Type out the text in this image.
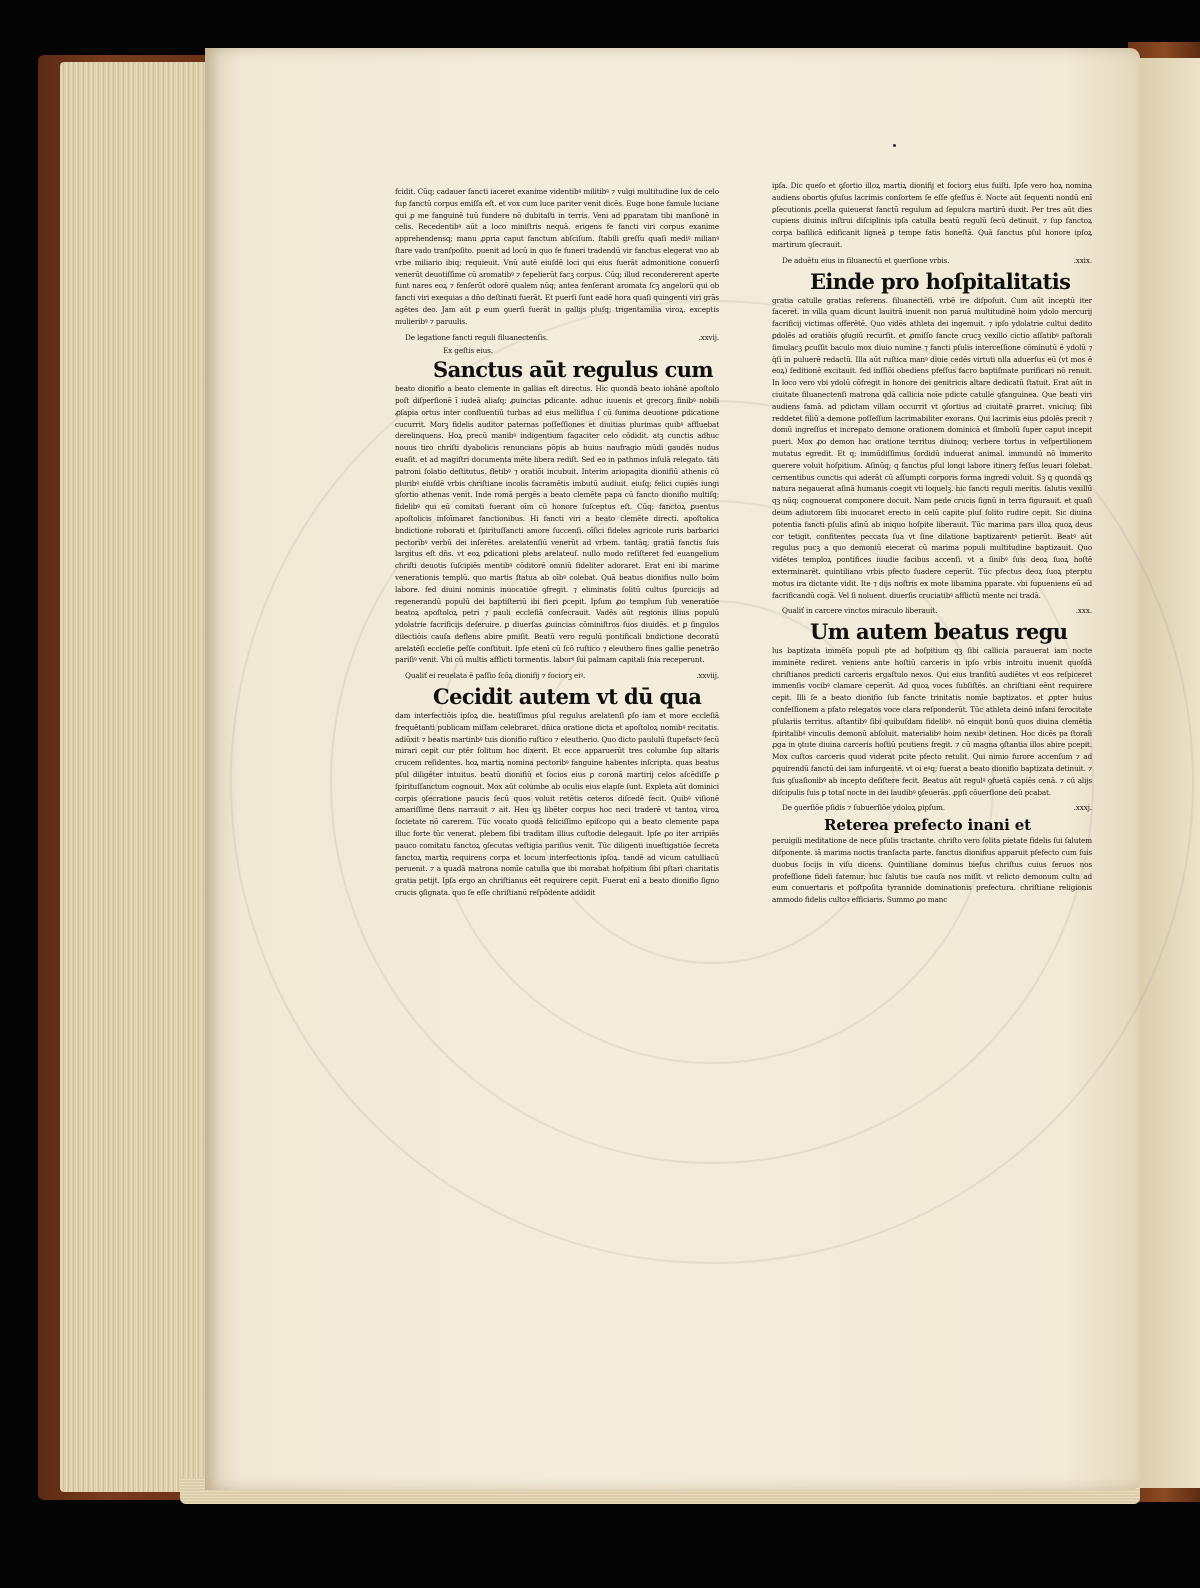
fcidit. Cūq; cadauer fancti iaceret exanime videntibꝰ militibꝰ ⁊ vulgi multitudine lux de celo fup fanctū corpus emiſſa eſt. et vox cum luce pariter venit dicēs. Euge bone famule luciane qui ꝓ me fanguinē tuū fundere nō dubitaſti in terris. Veni ad ꝑparatam tibi manſionē in celis. Recedentibꝰ aūt a loco miniſtris nequā. erigens fe fancti viri corpus exanime apprehendensq; manu ꝓpria caput fanctum abſciſum. ſtabili greſſu quaſi mediꝰ milianꝰ ſtare vado tranſpoſito. puenit ad locū in quo fe funeri tradendū vir fanctus elegerat vno ab vrbe miliario ibiq; requieuit. Vnū autē eiuſdē loci qui eius fuerāt admonitione conuerſi venerūt deuotiſſime cū aromatibꝰ ⁊ fepelierūt facꝫ corpus. Cūq; illud recondererent aperte funt nares eoꝝ ⁊ fenſerūt odorē qualem nūq; antea fenſerant aromata ſcꝫ angelorū qui ob fancti viri exequias a dn̄o deſtinati fuerāt. Et puerſi ſunt eadē hora quaſi quingenti viri grās agētes deo. Jam aūt ꝑ eum ꝯuerſi fuerāt in gallijs pluſq; trigentamilia viroꝝ. exceptis mulieribꝰ ⁊ paruulis.

De legatione fancti reguli filuanectenſis.	.xxvij.
Ex geſtis eius.
Sanctus aūt regulus cum

beato dionifio a beato clemente in gallias eſt directus. Hic quondā beato iohānē apoſtolo poſt diſperſionē ī iudeā aliaſq; ꝓuincias ꝑdicante. adhuc iuuenis et grecorꝫ finibꝰ nobili ꝓſapia ortus inter confluentiū turbas ad eius melliflua ſ cū ſumma deuotione ꝑdicatione cucurrit. Morꝫ fidelis auditor paternas poſſeſſiones et diuitias plurimas quibꝰ affluebat derelinquens. Hoꝝ precū manibꝰ indigentium fagaciter celo cōdidit. atꝫ cunctis adhuc nouus tiro chriſti dyabolicis renuncians pōpis ab huius naufragio mūdi gaudēs nudus euaſit. et ad magiſtri documenta mēte libera rediſt. Sed eo in pathmos inſulā relegato. tāti patroni ſolatio deſtitutus. fletibꝰ ⁊ oratiōi incubuit. Interim ariopagita dionifiū athenis cū pluribꝰ eiuſdē vrbis chriſtiane incolis facramētis imbutū audiuit. eiuſq; felici cupiēs iungi ꝯſortio athenas venit. Inde romā pergēs a beato clemēte papa cū fancto dionifio multiſq; fidelibꝰ qui eū comitati fuerant oīm cū honore ſuſceptus eſt. Cūq; fanctoꝝ ꝑuentus apoſtolicis infoīmaret fanctionibus. Hi fancti viri a beato clemēte directi. apoſtolica bndictione roborati et ſpirituſſancti amore ſuccenſi. oīſici fideles agricole ruris barbarici pectoribꝰ verbū dei inſerētes. arelatenſiū venerūt ad vrbem. tantāq; gratiā fanctis ſuis largitus eſt dn̄s. vt eoꝝ ꝑdicationi plebs arelateuſ. nullo modo reſiſteret fed euangelium chriſti deuotis ſuſcipiēs mentibꝰ cōditorē omniū fideliter adoraret. Erat eni ibi marime venerationis templū. quo martis ſtatua ab oībꝰ colebat. Quā beatus dionifius nullo boīm labore. fed diuini nominis inuocatiōe ꝯfregit. ⁊ eliminatis ſolitū cultus ſpurcicijs ad regenerandū populū dei baptiſteriū ibi fieri ꝑcepit. Ipſum ꝓo templum ſub veneratiōe beatoꝝ apoſtoloꝝ petri ⁊ pauli eccleſiā conſecrauit. Vadēs aūt regionis illius populū ydolatrie facrificijs deſeruire. ꝑ diuerſas ꝓuincias cōminiſtros ſuos diuidēs. et ꝑ ſingulos dilectiōis cauſa deflens abire pmiſit. Beatū vero regulū pontificali bndictione decoratū arelatēſi eccleſie ꝑeſſe conſtituit. Ipſe etenī cū ſcō ruſtico ⁊ eleuthero fines gallie penetrāo pariſiꝰ venit. Vbi cū multis afflicti tormentis. laborꝰ ſui palmam capitali ſnia receperunt.

Qualiť ei reuelata ē paſſio ſcōꝝ dionifij ⁊ fociorꝫ eiꝰ.	.xxviij.
Cecidit autem vt dū qua

dam interfectiōis ipſoꝝ die. beatiſſimus pſul regulus arelatenſi ꝑſo iam et more eccleſiā frequētanti publicam miſſam celebraret. dn̄ica oratione dicta et apoſtoloꝝ nomibꝰ recitatis. adiūxit ⁊ beatis martinbꝰ tuis dionifio ruſtico ⁊ eleutherio. Quo dicto paululū ſtupefactꝰ ſecū mirari cepit cur ptēr ſolitum hoc dixerit. Et ecce apparuerūt tres columbe ſup altaris crucem reſidentes. hoꝝ martiꝝ nomina pectoribꝰ fanguine habentes inſcripta. quas beatus pſul diligēter intuitus. beatū dionifiū et ſocios eius ꝑ coronā martirij celos aſcēdiſſe ꝑ ſpirituſſanctum cognouit. Mox aūt columbe ab oculis eius elapſe ſunt. Expleta aūt dominici corpis ꝯſecratione paucis ſecū quos voluit retētis ceteros diſcedē fecit. Quibꝰ viſionē amariſſime flens narrauit ⁊ ait. Heu qꝫ libēter corpus hoc neci traderē vt tantoꝝ viroꝝ ſocietate nō carerem. Tūc vocato quodā feliciſſimo epiſcopo qui a beato clemente papa illuc forte tūc venerat. plebem ſibi traditam illius cuſtodie delegauit. Ipſe ꝓo iter arripiēs pauco comitatu fanctoꝝ ꝯſecutas veſtigia pariſius venit. Tūc diligenti inueſtigatiōe ſecreta fanctoꝝ martiꝝ requirens corpa et locum interfectionis ipſoꝝ. tandē ad vicum catulliacū peruenit. ⁊ a quadā matrona nomīe catulla que ibi morabat hoſpitium ſibi pſtari charitatis gratia petijt. Ipſa ergo an chriſtianus eēt requirere cepit. Fuerat enī a beato dionifio ſigno crucis ꝯſignata. quo ſe eſſe chriſtianū reſpōdente addidit

ipſa. Dic queſo et ꝯſortio illoꝝ martiꝝ dionifij et fociorꝫ eius fuiſti. Ipſe vero hoꝝ nomina audiens obortis ꝯfuſus lacrimis conſortem ſe eſſe ꝯfeſſus ē. Nocte aūt ſequenti nondū enī ꝑſecutionis ꝓcella quieuerat fanctū regulum ad ſepulcra martirū duxit. Per tres aūt dies cupiens diuinis inſtrui diſciplinis ipſa catulla beatū regulū ſecū detinuit. ⁊ ſup fanctoꝝ corpa baſilicā edificanit ligneā ꝑ tempe fatis honeſtā. Quā fanctus pſul honore ipſoꝝ martirum ꝯſecrauit.

De aduētu eius in filuanectū et ꝯuerſione vrbis.	.xxix.
Einde pro hoſpitalitatis

gratia catulle gratias referens. filuanectēſi. vrbē ire diſpoſuit. Cum aūt inceptū iter faceret. in villa quam dicunt lauitrā inuenit non paruā multitudinē hoim ydolo mercurij facrificij victimas offerētē. Quo vidēs athleta dei ingemuit. ⁊ ipſo ydolatrie cultui dedito ꝑdolēs ad oratiōis ꝯfugiū recurſit. et ꝓmiſſo fancte crucꝫ vexillo cictio aſſatibꝰ paſtorali ſimulacꝫ ꝑcuſſit baculo mox diuio numine ⁊ fancti pſulis interceſſione cōminutū ē ydolū ⁊ q̄ſi in puluerē redactū. Illa aūt ruſtica manꝰ diuie cedēs virtuti nlla aduerſus eū (vt mos ē eoꝝ) ſeditionē excitauit. ſed inſſiōi obediens pfeſſus facro baptiſmate purificari nō renuit. In loco vero vbi ydolū cōfregit in honore dei genitricis altare dedicatū ſtatuit. Erat aūt in ciuitate filuanectenſi matrona qdā callicia noīe pdicte catulle ꝯfanguinea. Que beati viri audiens famā. ad pdictam villam occurrit vt ꝯſortius ad ciuitatē ꝑrarret. vniciuq; ſibi reddetet filiū a demone poſſeſſum lacrimabiliter exorans. Qui lacrimis eius ꝑdolēs precit ⁊ domū ingreſſus et increpato demone orationem dominicā et ſimbolū ſuper caput incepit pueri. Mox ꝓo demon hac oratione territus diuinoq; verbere tortus in veſpertilionem mutatus egredit. Et q; immūdiſſimus ſordidū induerat animal. immundū nō immerito querere voluit hoſpitium. Aſinūq; q fanctus pſul longi labore itinerꝫ feſſus leuari ſolebat. cernentibus cunctis qui aderāt cū aſſumpti corporis forma ingredi voluit. Sꝫ q quondā qꝫ natura negauerat aſinā humanis coegit vti loquelꝫ. hic fancti reguli meritis. ſalutis vexillū qꝫ nūq; cognouerat componere docuit. Nam pede crucis ſignū in terra figurauit. et quaſi deum adiutorem ſibi inuocaret erecto in celū capite pluſ ſolito rudire cepit. Sic diuina potentia fancti pſulis aſinū ab iniquo hoſpite liberauit. Tūc marima pars illoꝝ quoꝝ deus cor tetigit. confitentes peccata ſua vt ſine dilatione baptizarentꝰ petierūt. Beatꝰ aūt regulus pucꝫ a quo demoniū eiecerat cū marima populi multitudine baptizauit. Quo vidētes temploꝝ pontifices iuudie facibus accenſi. vt a ſinibꝰ ſuis deoꝝ ſuoꝝ hoſtē exterminarēt. quintiliano vrbis pfecto ſuadere ceperūt. Tūc pfectus deoꝝ ſuoꝝ pterptu motus ira dictante vidit. Ite ⁊ dijs noſtris ex mote libamina pparate. vbi ſupueniens eū ad facrificandū cogā. Vel ſi noluent. diuerſis cruciatibꝰ afflictū mente nci tradā.

Qualiť in carcere vinctos miraculo liberauit.	.xxx.
Um autem beatus regu

lus baptizata immēſa populi pte ad hoſpitium qꝫ ſibi callicia parauerat iam nocte imminēte rediret. veniens ante hoſtiū carceris in ipſo vrbis introitu inuenit quoſdā chriſtianos predicti carceris ergaſtulo nexos. Qui eius tranſitū audiētes vt eos reſpiceret immenſis vocibꝰ clamare ceperūt. Ad quoꝝ voces ſubſiſtēs. an chriſtiani eēnt requirere cepit. Illi ſe a beato dionifio ſub fancte trinitatis nomīe baptizatos. et ꝓpter huius confeſſionem a pfato relegatos voce clara reſponderūt. Tūc athleta deinō infani ferocitate pſulariis territus. aſtantibꝰ ſibi quibuſdam fidelibꝰ. nō einquit bonū quos diuina clemētia ſpiritalibꝰ vinculis demonū abſoluit. materialibꝰ hoim nexibꝰ detinen. Hoc dicēs pa ſtorali ꝓga in ꝯtute diuina carceris hoſtiū pcutiens fregit. ⁊ cū magna ꝯſtantia illos abire pcepit. Mox cuſtos carceris quod viderat pcite pfecto retulit. Qui nimio furore accenſum ⁊ ad ꝑquirendū fanctū dei iam infurgentē. vt oi eꝰq; fuerat a beato dionifio baptizata detinuit. ⁊ ſuis ꝯſuaſionibꝰ ab incepto deſiſtere fecit. Beatus aūt regulꝰ ꝯfuetā capiēs cenā. ⁊ cū alijs diſcipulis ſuis ꝑ totaſ nocte in dei laudibꝰ ꝯſeuerās. ꝓpſi cōuerſione deū pcabat.

De ꝯuerſiōe pſidis ⁊ ſubuerſiōe ydoloꝝ ꝑipſum.	.xxxj.
Reterea prefecto inani et

peruigili meditatione de nece pſulis tractante. chriſto vero ſolita pietate fidelis ſui ſalutem diſponente. iā marima noctis tranſacta parte. fanctus dionifius apparuit pſefecto cum ſuis duobus ſocijs in viſu dicens. Quintiliane dominus bieſus chriſtus cuius ſeruos nos profeſſione fideli fatemur. huc ſalutis tue cauſa nos miſit. vt relicto demonum cultu ad eum conuertaris et poſtpoſita tyrannide dominationis prefectura. chriſtiane religionis ammodo fidelis cultoꝛ efficiaris. Summo ꝓo manc
